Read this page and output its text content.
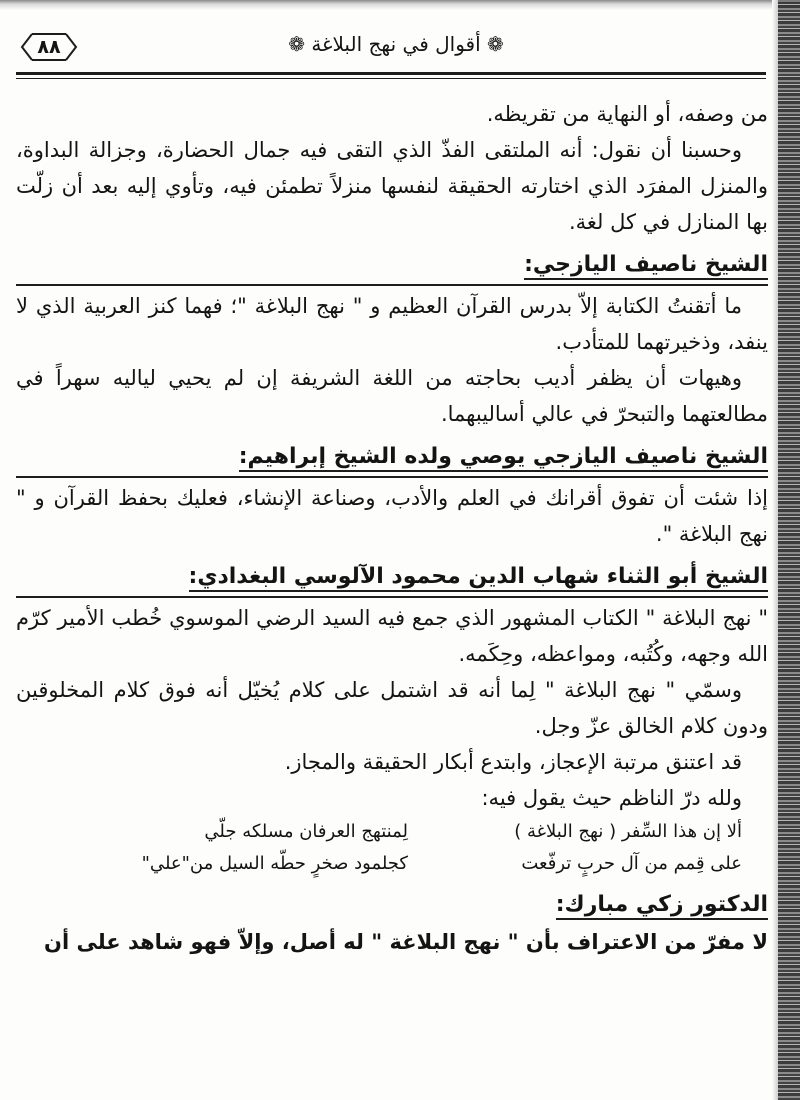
٨٨	❁ أقوال في نهج البلاغة ❁

من وصفه، أو النهاية من تقريظه.

وحسبنا أن نقول: أنه الملتقى الفذّ الذي التقى فيه جمال الحضارة، وجزالة البداوة، والمنزل المفرَد الذي اختارته الحقيقة لنفسها منزلاً تطمئن فيه، وتأوي إليه بعد أن زلّت بها المنازل في كل لغة.

الشيخ ناصيف اليازجي:

ما أتقنتُ الكتابة إلاّ بدرس القرآن العظيم و " نهج البلاغة "؛ فهما كنز العربية الذي لا ينفد، وذخيرتهما للمتأدب.

وهيهات أن يظفر أديب بحاجته من اللغة الشريفة إن لم يحيي لياليه سهراً في مطالعتهما والتبحرّ في عالي أساليبهما.

الشيخ ناصيف اليازجي يوصي ولده الشيخ إبراهيم:

إذا شئت أن تفوق أقرانك في العلم والأدب، وصناعة الإنشاء، فعليك بحفظ القرآن و " نهج البلاغة ".

الشيخ أبو الثناء شهاب الدين محمود الآلوسي البغدادي:

" نهج البلاغة " الكتاب المشهور الذي جمع فيه السيد الرضي الموسوي خُطب الأمير كرّم الله وجهه، وكُتُبه، ومواعظه، وحِكَمه.

وسمّي " نهج البلاغة " لِما أنه قد اشتمل على كلام يُخيّل أنه فوق كلام المخلوقين ودون كلام الخالق عزّ وجل.

قد اعتنق مرتبة الإعجاز، وابتدع أبكار الحقيقة والمجاز.

ولله درّ الناظم حيث يقول فيه:

ألا إن هذا السِّفر ( نهج البلاغة )
لِمنتهج العرفان مسلكه جلّي
على قِمم من آل حربٍ ترفّعت
كجلمود صخرٍ حطّه السيل من"علي"

الدكتور زكي مبارك:

لا مفرّ من الاعتراف بأن " نهج البلاغة " له أصل، وإلاّ فهو شاهد على أن
